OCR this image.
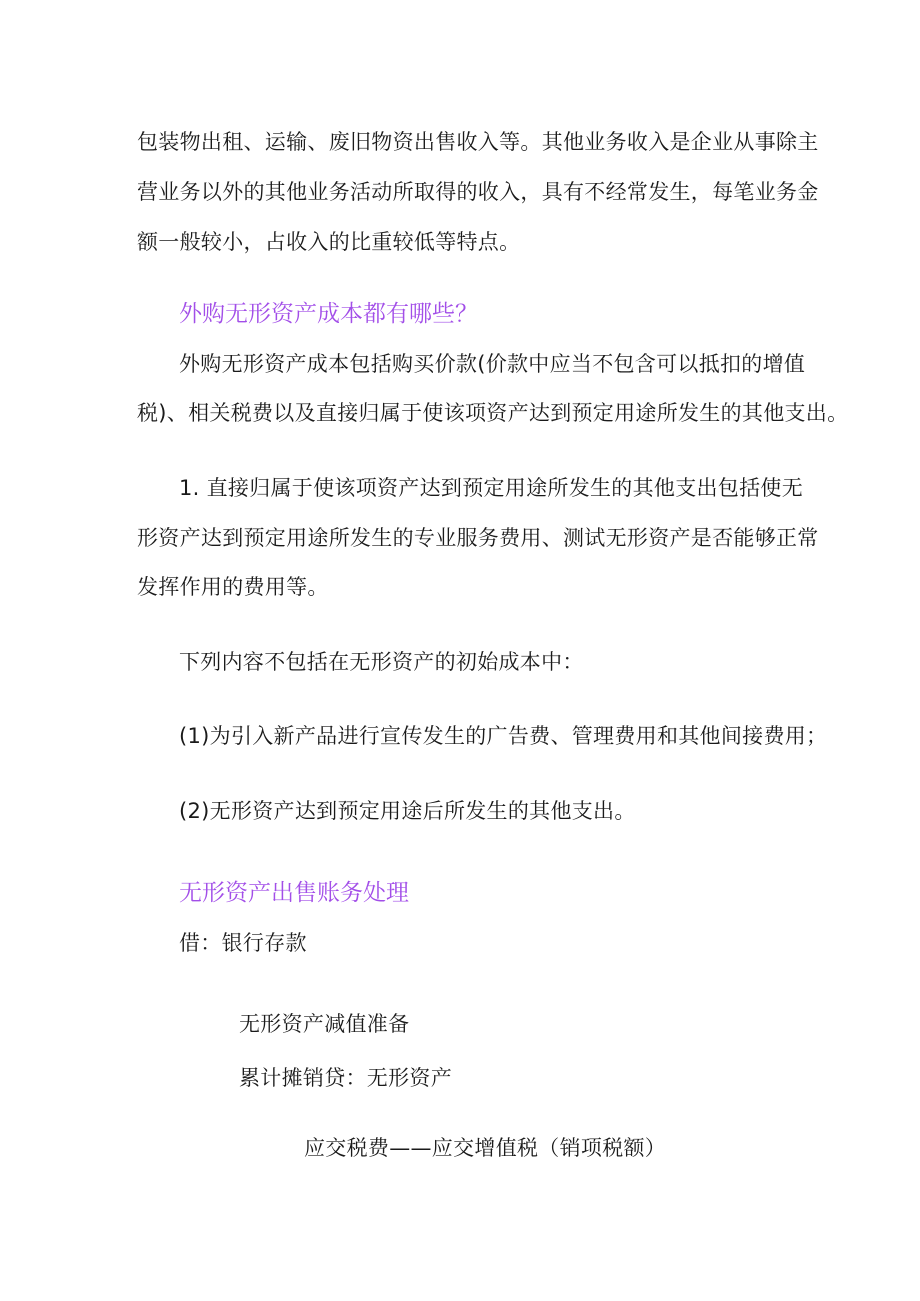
包装物出租、运输、废旧物资出售收入等。其他业务收入是企业从事除主
营业务以外的其他业务活动所取得的收入，具有不经常发生，每笔业务金
额一般较小，占收入的比重较低等特点。
外购无形资产成本都有哪些？
外购无形资产成本包括购买价款(价款中应当不包含可以抵扣的增值
税)、相关税费以及直接归属于使该项资产达到预定用途所发生的其他支出。
1. 直接归属于使该项资产达到预定用途所发生的其他支出包括使无
形资产达到预定用途所发生的专业服务费用、测试无形资产是否能够正常
发挥作用的费用等。
下列内容不包括在无形资产的初始成本中：
(1)为引入新产品进行宣传发生的广告费、管理费用和其他间接费用；
(2)无形资产达到预定用途后所发生的其他支出。
无形资产出售账务处理
借：银行存款
无形资产减值准备
累计摊销贷：无形资产
应交税费——应交增值税（销项税额）
